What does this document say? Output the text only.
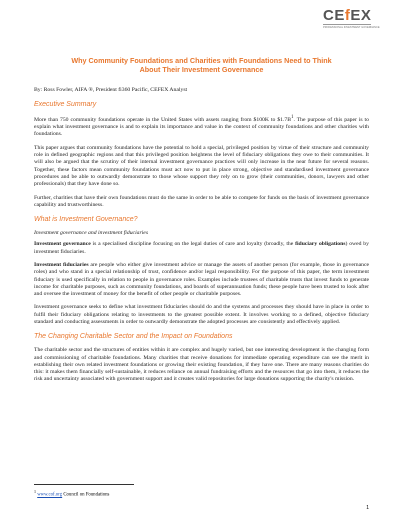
CEfEX
PROFESSIONAL INVESTMENT GOVERNANCE
Why Community Foundations and Charities with Foundations Need to Think About Their Investment Governance
By: Ross Fowler, AIFA ®, President fi360 Pacific, CEFEX Analyst
Executive Summary

More than 750 community foundations operate in the United States with assets ranging from $100K to $\$1.7B^1$. The purpose of this paper is to explain what investment governance is and to explain its importance and value in the context of community foundations and other charities with foundations.

This paper argues that community foundations have the potential to hold a special, privileged position by virtue of their structure and community role in defined geographic regions and that this privileged position heightens the level of fiduciary obligations they owe to their communities. It will also be argued that the scrutiny of their internal investment governance practices will only increase in the near future for several reasons. Together, these factors mean community foundations must act now to put in place strong, objective and standardised investment governance procedures and be able to outwardly demonstrate to those whose support they rely on to grow (their communities, donors, lawyers and other professionals) that they have done so.

Further, charities that have their own foundations must do the same in order to be able to compete for funds on the basis of investment governance capability and trustworthiness.

What is Investment Governance?

Investment governance and investment fiduciaries

Investment governance is a specialised discipline focusing on the legal duties of care and loyalty (broadly, the fiduciary obligations) owed by investment fiduciaries.

Investment fiduciaries are people who either give investment advice or manage the assets of another person (for example, those in governance roles) and who stand in a special relationship of trust, confidence and/or legal responsibility. For the purpose of this paper, the term investment fiduciary is used specifically in relation to people in governance roles. Examples include trustees of charitable trusts that invest funds to generate income for charitable purposes, such as community foundations, and boards of superannuation funds; these people have been trusted to look after and oversee the investment of money for the benefit of other people or charitable purposes.

Investment governance seeks to define what investment fiduciaries should do and the systems and processes they should have in place in order to fulfil their fiduciary obligations relating to investments to the greatest possible extent. It involves working to a defined, objective fiduciary standard and conducting assessments in order to outwardly demonstrate the adopted processes are consistently and effectively applied.

The Changing Charitable Sector and the Impact on Foundations

The charitable sector and the structures of entities within it are complex and hugely varied, but one interesting development is the changing form and commissioning of charitable foundations. Many charities that receive donations for immediate operating expenditure can see the merit in establishing their own related investment foundations or growing their existing foundation, if they have one. There are many reasons charities do this: it makes them financially self-sustainable, it reduces reliance on annual fundraising efforts and the resources that go into them, it reduces the risk and uncertainty associated with government support and it creates valid repositories for large donations supporting the charity's mission.

$^1$ www.cof.org Council on Foundations
1
